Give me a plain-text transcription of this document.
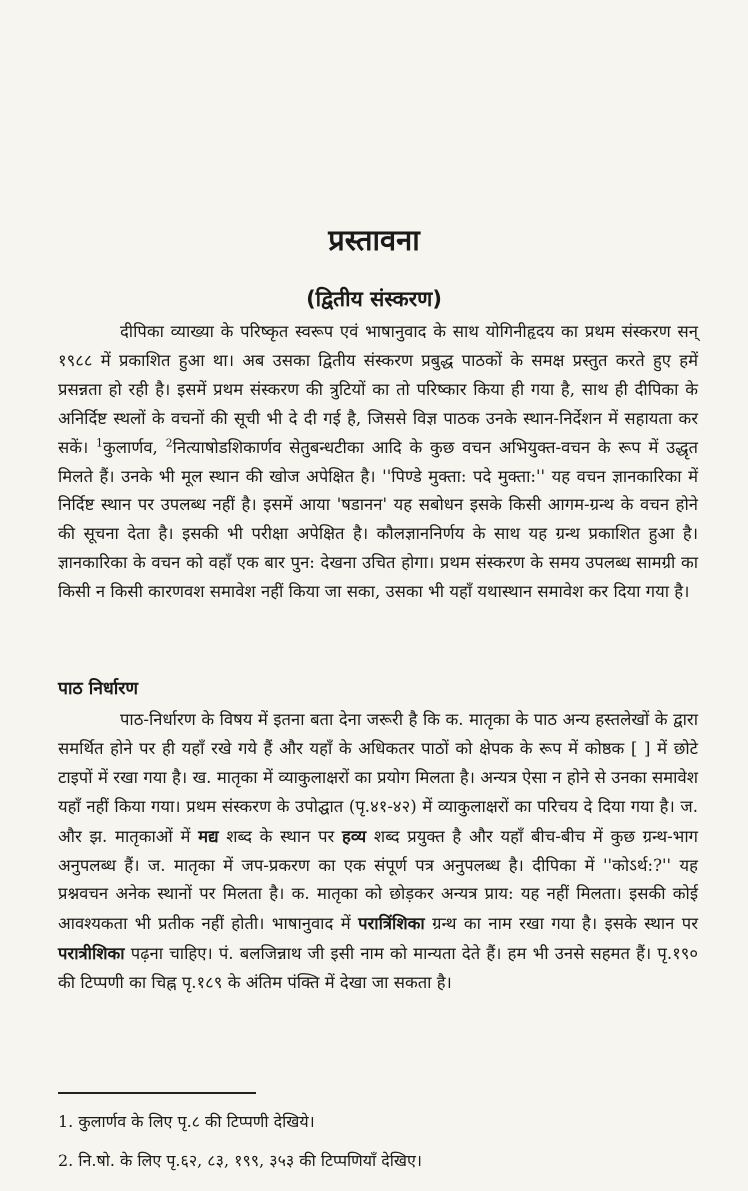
प्रस्तावना
(द्वितीय संस्करण)

दीपिका व्याख्या के परिष्कृत स्वरूप एवं भाषानुवाद के साथ योगिनीहृदय का प्रथम संस्करण सन् १९८८ में प्रकाशित हुआ था। अब उसका द्वितीय संस्करण प्रबुद्ध पाठकों के समक्ष प्रस्तुत करते हुए हमें प्रसन्नता हो रही है। इसमें प्रथम संस्करण की त्रुटियों का तो परिष्कार किया ही गया है, साथ ही दीपिका के अनिर्दिष्ट स्थलों के वचनों की सूची भी दे दी गई है, जिससे विज्ञ पाठक उनके स्थान-निर्देशन में सहायता कर सकें। $^1$कुलार्णव, $^2$नित्याषोडशिकार्णव सेतुबन्धटीका आदि के कुछ वचन अभियुक्त-वचन के रूप में उद्धृत मिलते हैं। उनके भी मूल स्थान की खोज अपेक्षित है। ''पिण्डे मुक्ता: पदे मुक्ता:'' यह वचन ज्ञानकारिका में निर्दिष्ट स्थान पर उपलब्ध नहीं है। इसमें आया 'षडानन' यह सबोधन इसके किसी आगम-ग्रन्थ के वचन होने की सूचना देता है। इसकी भी परीक्षा अपेक्षित है। कौलज्ञाननिर्णय के साथ यह ग्रन्थ प्रकाशित हुआ है। ज्ञानकारिका के वचन को वहाँ एक बार पुन: देखना उचित होगा। प्रथम संस्करण के समय उपलब्ध सामग्री का किसी न किसी कारणवश समावेश नहीं किया जा सका, उसका भी यहाँ यथास्थान समावेश कर दिया गया है।

पाठ निर्धारण

पाठ-निर्धारण के विषय में इतना बता देना जरूरी है कि क. मातृका के पाठ अन्य हस्तलेखों के द्वारा समर्थित होने पर ही यहाँ रखे गये हैं और यहाँ के अधिकतर पाठों को क्षेपक के रूप में कोष्ठक [ ] में छोटे टाइपों में रखा गया है। ख. मातृका में व्याकुलाक्षरों का प्रयोग मिलता है। अन्यत्र ऐसा न होने से उनका समावेश यहाँ नहीं किया गया। प्रथम संस्करण के उपोद्घात (पृ.४१-४२) में व्याकुलाक्षरों का परिचय दे दिया गया है। ज. और झ. मातृकाओं में मद्य शब्द के स्थान पर हव्य शब्द प्रयुक्त है और यहाँ बीच-बीच में कुछ ग्रन्थ-भाग अनुपलब्ध हैं। ज. मातृका में जप-प्रकरण का एक संपूर्ण पत्र अनुपलब्ध है। दीपिका में ''कोऽर्थ:?'' यह प्रश्नवचन अनेक स्थानों पर मिलता है। क. मातृका को छोड़कर अन्यत्र प्राय: यह नहीं मिलता। इसकी कोई आवश्यकता भी प्रतीक नहीं होती। भाषानुवाद में परात्रिंशिका ग्रन्थ का नाम रखा गया है। इसके स्थान पर परात्रीशिका पढ़ना चाहिए। पं. बलजिन्नाथ जी इसी नाम को मान्यता देते हैं। हम भी उनसे सहमत हैं। पृ.१९० की टिप्पणी का चिह्न पृ.१८९ के अंतिम पंक्ति में देखा जा सकता है।

1. कुलार्णव के लिए पृ.८ की टिप्पणी देखिये।
2. नि.षो. के लिए पृ.६२, ८३, १९९, ३५३ की टिप्पणियाँ देखिए।
